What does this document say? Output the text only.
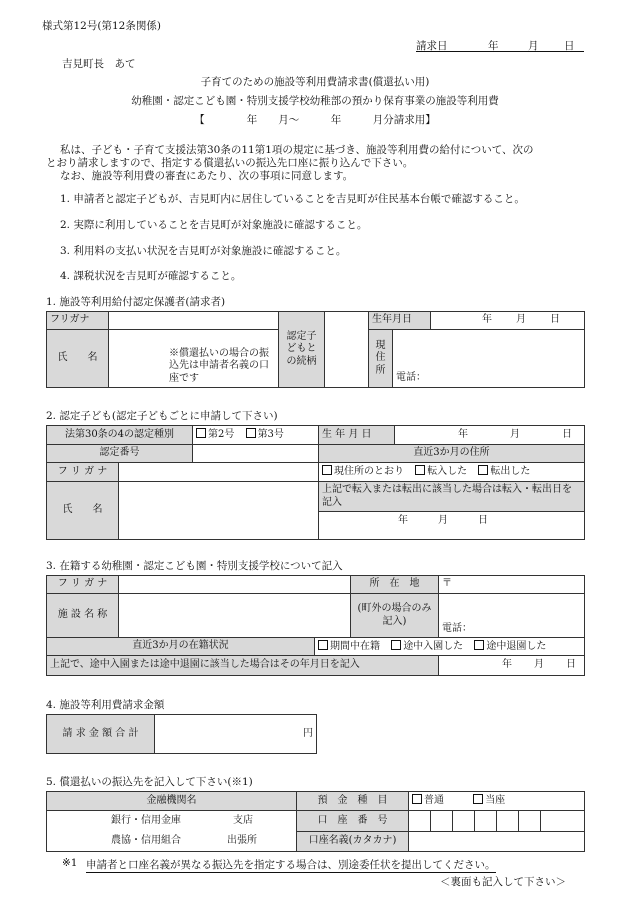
様式第12号(第12条関係)
請求日	年	月 日
吉見町長　あて
子育てのための施設等利用費請求書(償還払い用)
幼稚園・認定こども園・特別支援学校幼稚部の預かり保育事業の施設等利用費
【　　　　年　　月～　　　年　　　月分請求用】
私は、子ども・子育て支援法第30条の11第1項の規定に基づき、施設等利用費の給付について、次の
とおり請求しますので、指定する償還払いの振込先口座に振り込んで下さい。
なお、施設等利用費の審査にあたり、次の事項に同意します。
1. 申請者と認定子どもが、吉見町内に居住していることを吉見町が住民基本台帳で確認すること。
2. 実際に利用していることを吉見町が対象施設に確認すること。
3. 利用料の支払い状況を吉見町が対象施設に確認すること。
4. 課税状況を吉見町が確認すること。
1. 施設等利用給付認定保護者(請求者)
フリガナ		認定子どもとの続柄		生年月日		年 月 日
氏　　名	※償還払いの場合の振込先は申請者名義の口座です			現住所	電話：	
2. 認定子ども(認定子どもごとに申請して下さい)
法第30条の4の認定種別		第2号 第3号	生 年 月 日	年 月 日
認定番号			直近3か月の住所	
フ リ ガ ナ			現住所のとおり 転入した 転出した	
氏　　名			上記で転入または転出に該当した場合は転入・転出日を記入
年 月 日	
3. 在籍する幼稚園・認定こども園・特別支援学校について記入
フ リ ガ ナ			所　在　地	〒
施 設 名 称			(町外の場合のみ記入)	電話：
直近3か月の在籍状況		期間中在籍 途中入園した 途中退園した		
上記で、途中入園または途中退園に該当した場合はその年月日を記入				年 月 日
4. 施設等利用費請求金額
請 求 金 額 合 計	円
5. 償還払いの振込先を記入して下さい(※1)
金融機関名	預　金　種　目	普通 当座						

銀行・信用金庫 支店
農協・信用組合 出張所	口　座　番　号							
	口座名義(カタカナ)							
※1 申請者と口座名義が異なる振込先を指定する場合は、別途委任状を提出してください。
＜裏面も記入して下さい＞
